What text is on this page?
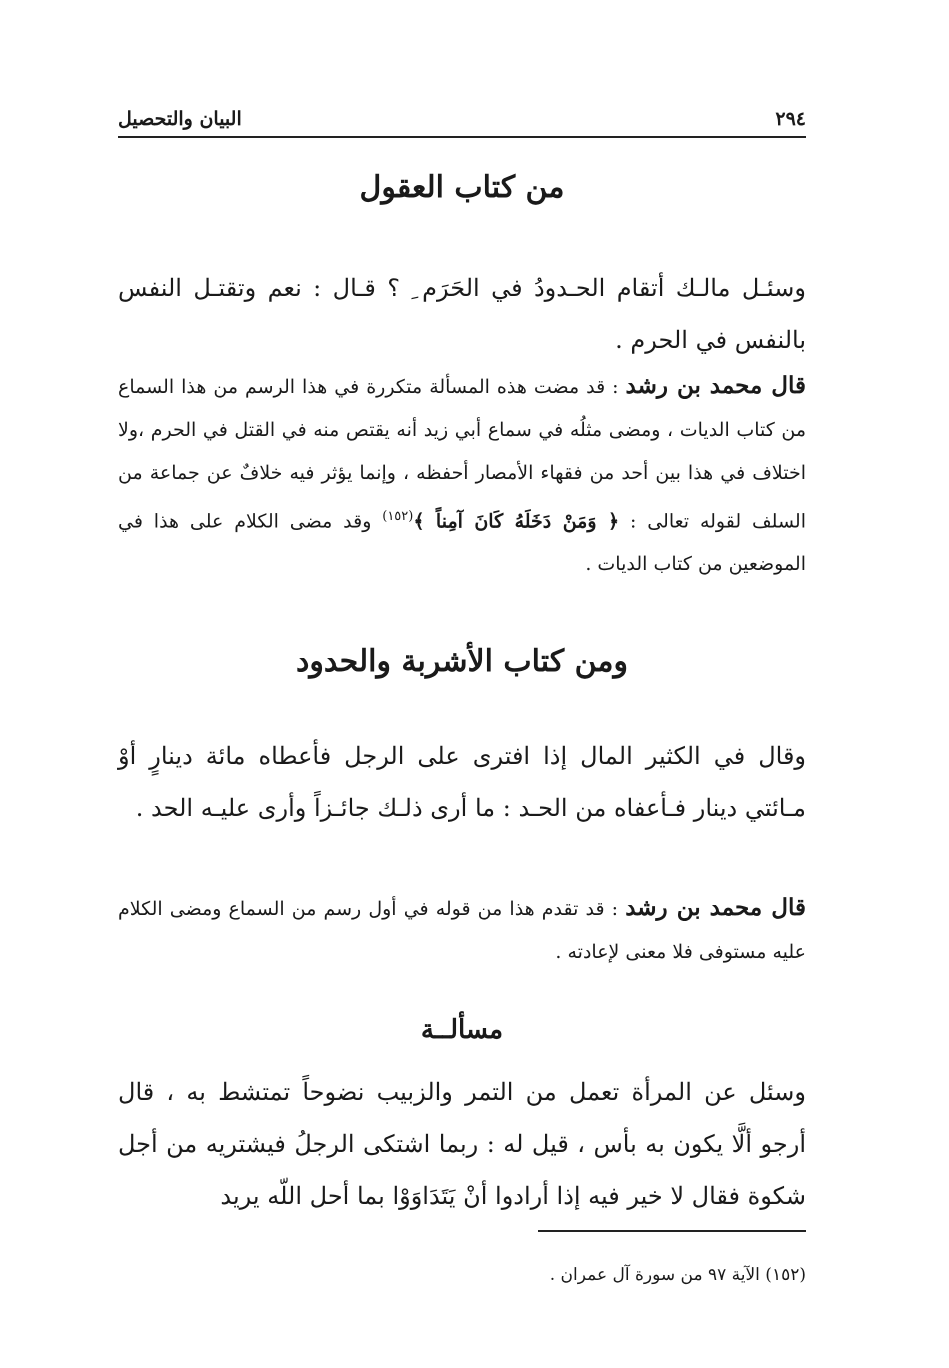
٢٩٤
البيان والتحصيل
من كتاب العقول

وسئـل مالـك أتقام الحـدودُ في الحَرَم ِ ؟ قـال : نعم وتقتـل النفس بالنفس في الحرم .

قال محمد بن رشد : قد مضت هذه المسألة متكررة في هذا الرسم من هذا السماع من كتاب الديات ، ومضى مثلُه في سماع أبي زيد أنه يقتص منه في القتل في الحرم ،ولا اختلاف في هذا بين أحد من فقهاء الأمصار أحفظه ، وإنما يؤثر فيه خلافٌ عن جماعة من السلف لقوله تعالى : ﴿ وَمَنْ دَخَلَهُ كَانَ آمِناً ﴾$^{(١٥٢)}$ وقد مضى الكلام على هذا في الموضعين من كتاب الديات .

ومن كتاب الأشربة والحدود

وقال في الكثير المال إذا افترى على الرجل فأعطاه مائة دينارٍ أوْ مـائتي دينار فـأعفاه من الحـد : ما أرى ذلـك جائـزاً وأرى عليـه الحد .

قال محمد بن رشد : قد تقدم هذا من قوله في أول رسم من السماع ومضى الكلام عليه مستوفى فلا معنى لإعادته .

مسألــة

وسئل عن المرأة تعمل من التمر والزبيب نضوحاً تمتشط به ، قال أرجو ألَّا يكون به بأس ، قيل له : ربما اشتكى الرجلُ فيشتريه من أجل شكوة فقال لا خير فيه إذا أرادوا أنْ يَتَدَاوَوْا بما أحل اللّه يريد

(١٥٢) الآية ٩٧ من سورة آل عمران .
